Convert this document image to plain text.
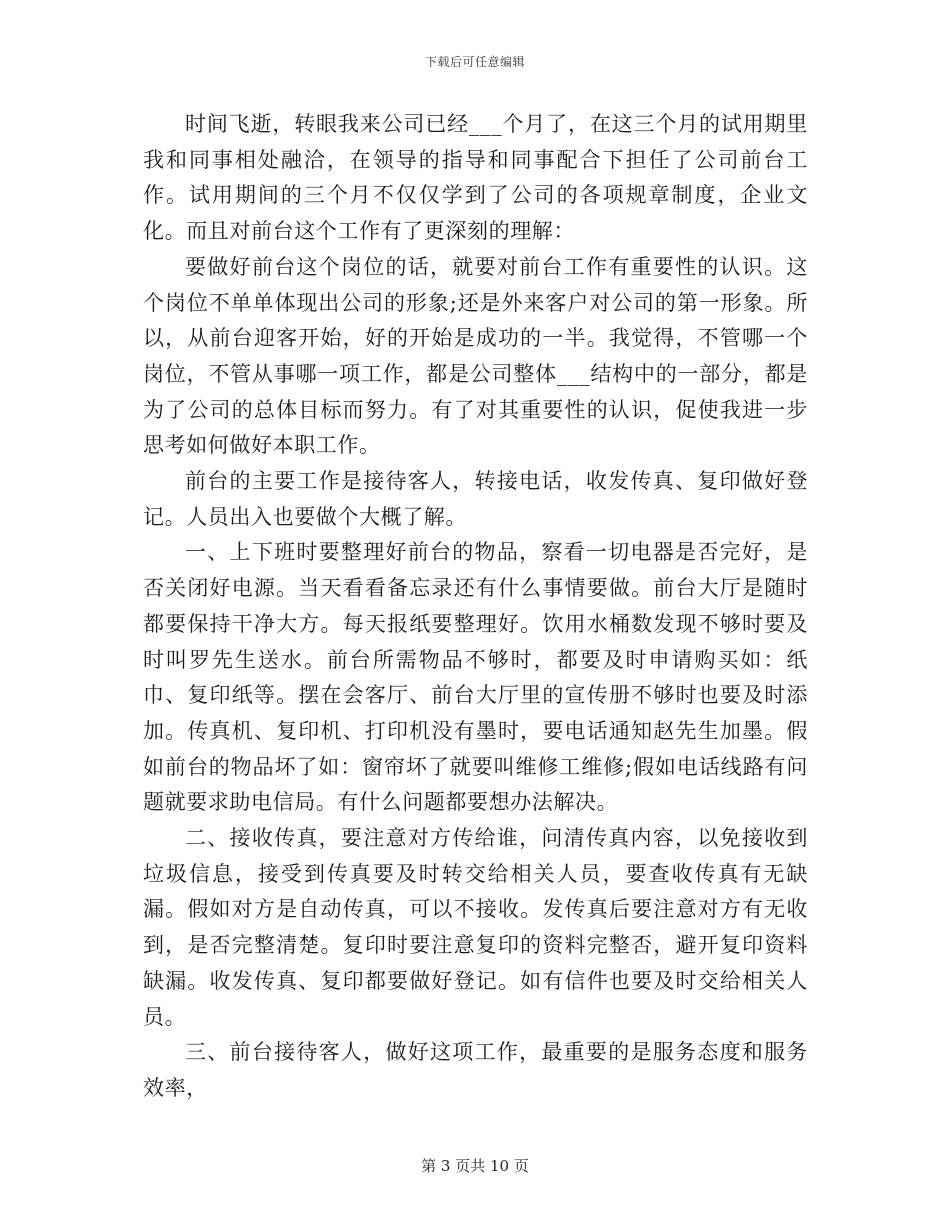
下载后可任意编辑

时间飞逝，转眼我来公司已经___个月了，在这三个月的试用期里我和同事相处融洽，在领导的指导和同事配合下担任了公司前台工作。试用期间的三个月不仅仅学到了公司的各项规章制度，企业文化。而且对前台这个工作有了更深刻的理解：

要做好前台这个岗位的话，就要对前台工作有重要性的认识。这个岗位不单单体现出公司的形象;还是外来客户对公司的第一形象。所以，从前台迎客开始，好的开始是成功的一半。我觉得，不管哪一个岗位，不管从事哪一项工作，都是公司整体___结构中的一部分，都是为了公司的总体目标而努力。有了对其重要性的认识，促使我进一步思考如何做好本职工作。

前台的主要工作是接待客人，转接电话，收发传真、复印做好登记。人员出入也要做个大概了解。

一、上下班时要整理好前台的物品，察看一切电器是否完好，是否关闭好电源。当天看看备忘录还有什么事情要做。前台大厅是随时都要保持干净大方。每天报纸要整理好。饮用水桶数发现不够时要及时叫罗先生送水。前台所需物品不够时，都要及时申请购买如：纸巾、复印纸等。摆在会客厅、前台大厅里的宣传册不够时也要及时添加。传真机、复印机、打印机没有墨时，要电话通知赵先生加墨。假如前台的物品坏了如：窗帘坏了就要叫维修工维修;假如电话线路有问题就要求助电信局。有什么问题都要想办法解决。

二、接收传真，要注意对方传给谁，问清传真内容，以免接收到垃圾信息，接受到传真要及时转交给相关人员，要查收传真有无缺漏。假如对方是自动传真，可以不接收。发传真后要注意对方有无收到，是否完整清楚。复印时要注意复印的资料完整否，避开复印资料缺漏。收发传真、复印都要做好登记。如有信件也要及时交给相关人员。

三、前台接待客人，做好这项工作，最重要的是服务态度和服务效率，

第 3 页共 10 页
